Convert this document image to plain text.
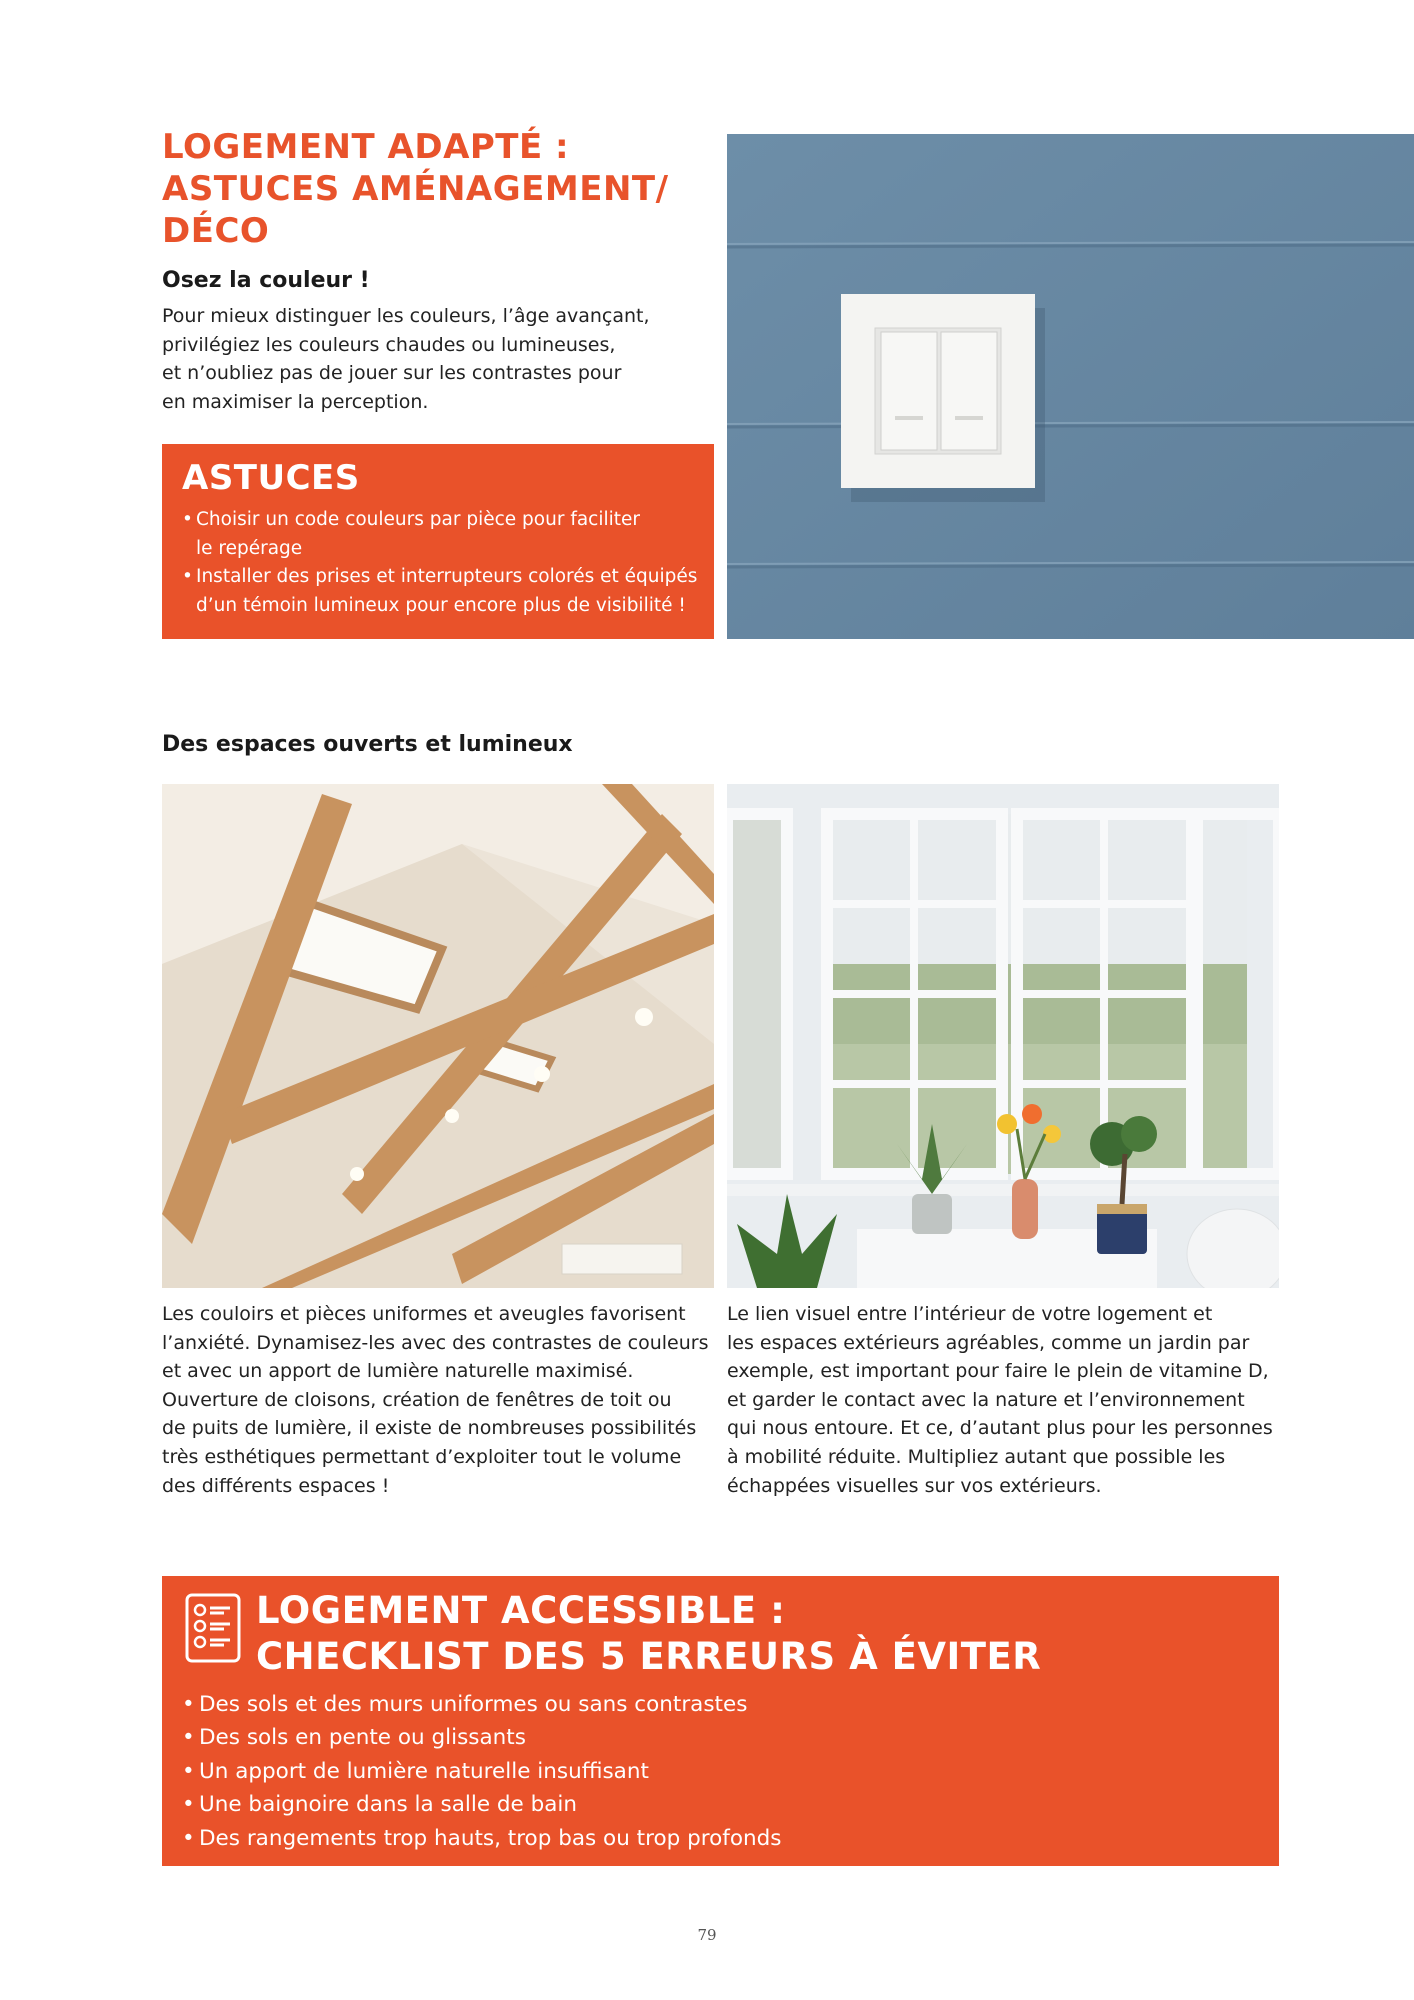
LOGEMENT ADAPTÉ :
ASTUCES AMÉNAGEMENT/
DÉCO
Osez la couleur !

Pour mieux distinguer les couleurs, l’âge avançant,
privilégiez les couleurs chaudes ou lumineuses,
et n’oubliez pas de jouer sur les contrastes pour
en maximiser la perception.

ASTUCES
• Choisir un code couleurs par pièce pour faciliter
le repérage
• Installer des prises et interrupteurs colorés et équipés
d’un témoin lumineux pour encore plus de visibilité !
Des espaces ouverts et lumineux

Les couloirs et pièces uniformes et aveugles favorisent
l’anxiété. Dynamisez-les avec des contrastes de couleurs
et avec un apport de lumière naturelle maximisé.
Ouverture de cloisons, création de fenêtres de toit ou
de puits de lumière, il existe de nombreuses possibilités
très esthétiques permettant d’exploiter tout le volume
des différents espaces !

Le lien visuel entre l’intérieur de votre logement et
les espaces extérieurs agréables, comme un jardin par
exemple, est important pour faire le plein de vitamine D,
et garder le contact avec la nature et l’environnement
qui nous entoure. Et ce, d’autant plus pour les personnes
à mobilité réduite. Multipliez autant que possible les
échappées visuelles sur vos extérieurs.

LOGEMENT ACCESSIBLE :
CHECKLIST DES 5 ERREURS À ÉVITER
• Des sols et des murs uniformes ou sans contrastes
• Des sols en pente ou glissants
• Un apport de lumière naturelle insuffisant
• Une baignoire dans la salle de bain
• Des rangements trop hauts, trop bas ou trop profonds

79
